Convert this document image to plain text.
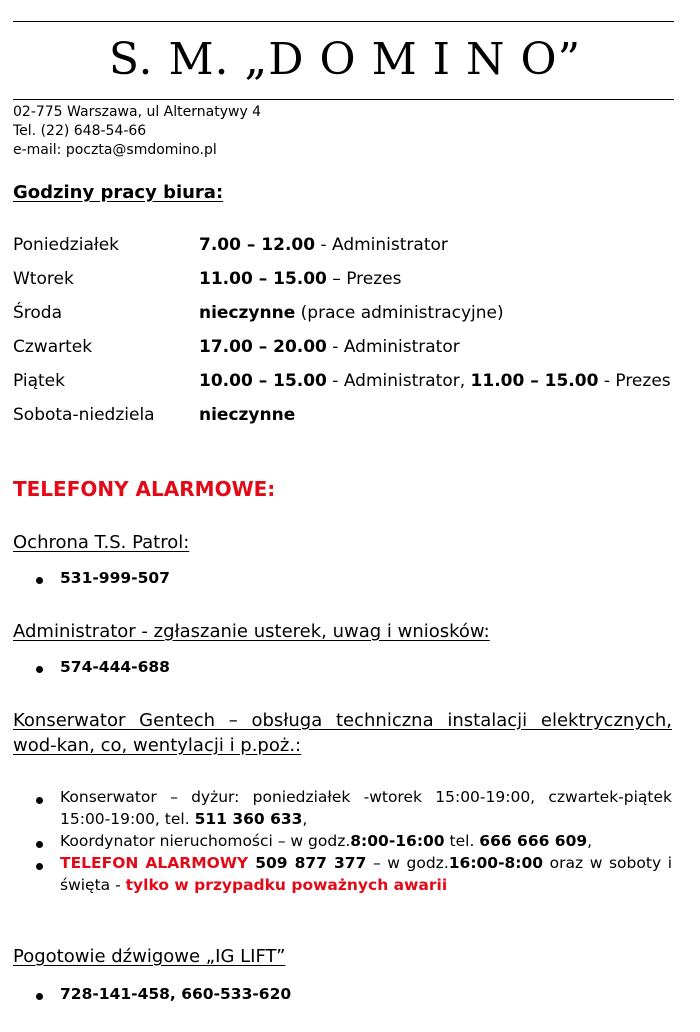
S. M. „D O M I N O”
02-775 Warszawa, ul Alternatywy 4
Tel. (22) 648-54-66
e-mail: poczta@smdomino.pl
Godziny pracy biura:
Poniedziałek	7.00 – 12.00 - Administrator
Wtorek	11.00 – 15.00 – Prezes
Środa	nieczynne (prace administracyjne)
Czwartek	17.00 – 20.00 - Administrator
Piątek	10.00 – 15.00 - Administrator, 11.00 – 15.00 - Prezes
Sobota-niedziela	nieczynne
TELEFONY ALARMOWE:
Ochrona T.S. Patrol:
531-999-507
Administrator - zgłaszanie usterek, uwag i wniosków:
574-444-688
Konserwator Gentech – obsługa techniczna instalacji elektrycznych, wod-kan, co, wentylacji i p.poż.:
Konserwator – dyżur: poniedziałek -wtorek 15:00-19:00, czwartek-piątek 15:00-19:00, tel. 511 360 633,
Koordynator nieruchomości – w godz.8:00-16:00 tel. 666 666 609,
TELEFON ALARMOWY 509 877 377 – w godz.16:00-8:00 oraz w soboty i święta - tylko w przypadku poważnych awarii
Pogotowie dźwigowe „IG LIFT”
728-141-458, 660-533-620
